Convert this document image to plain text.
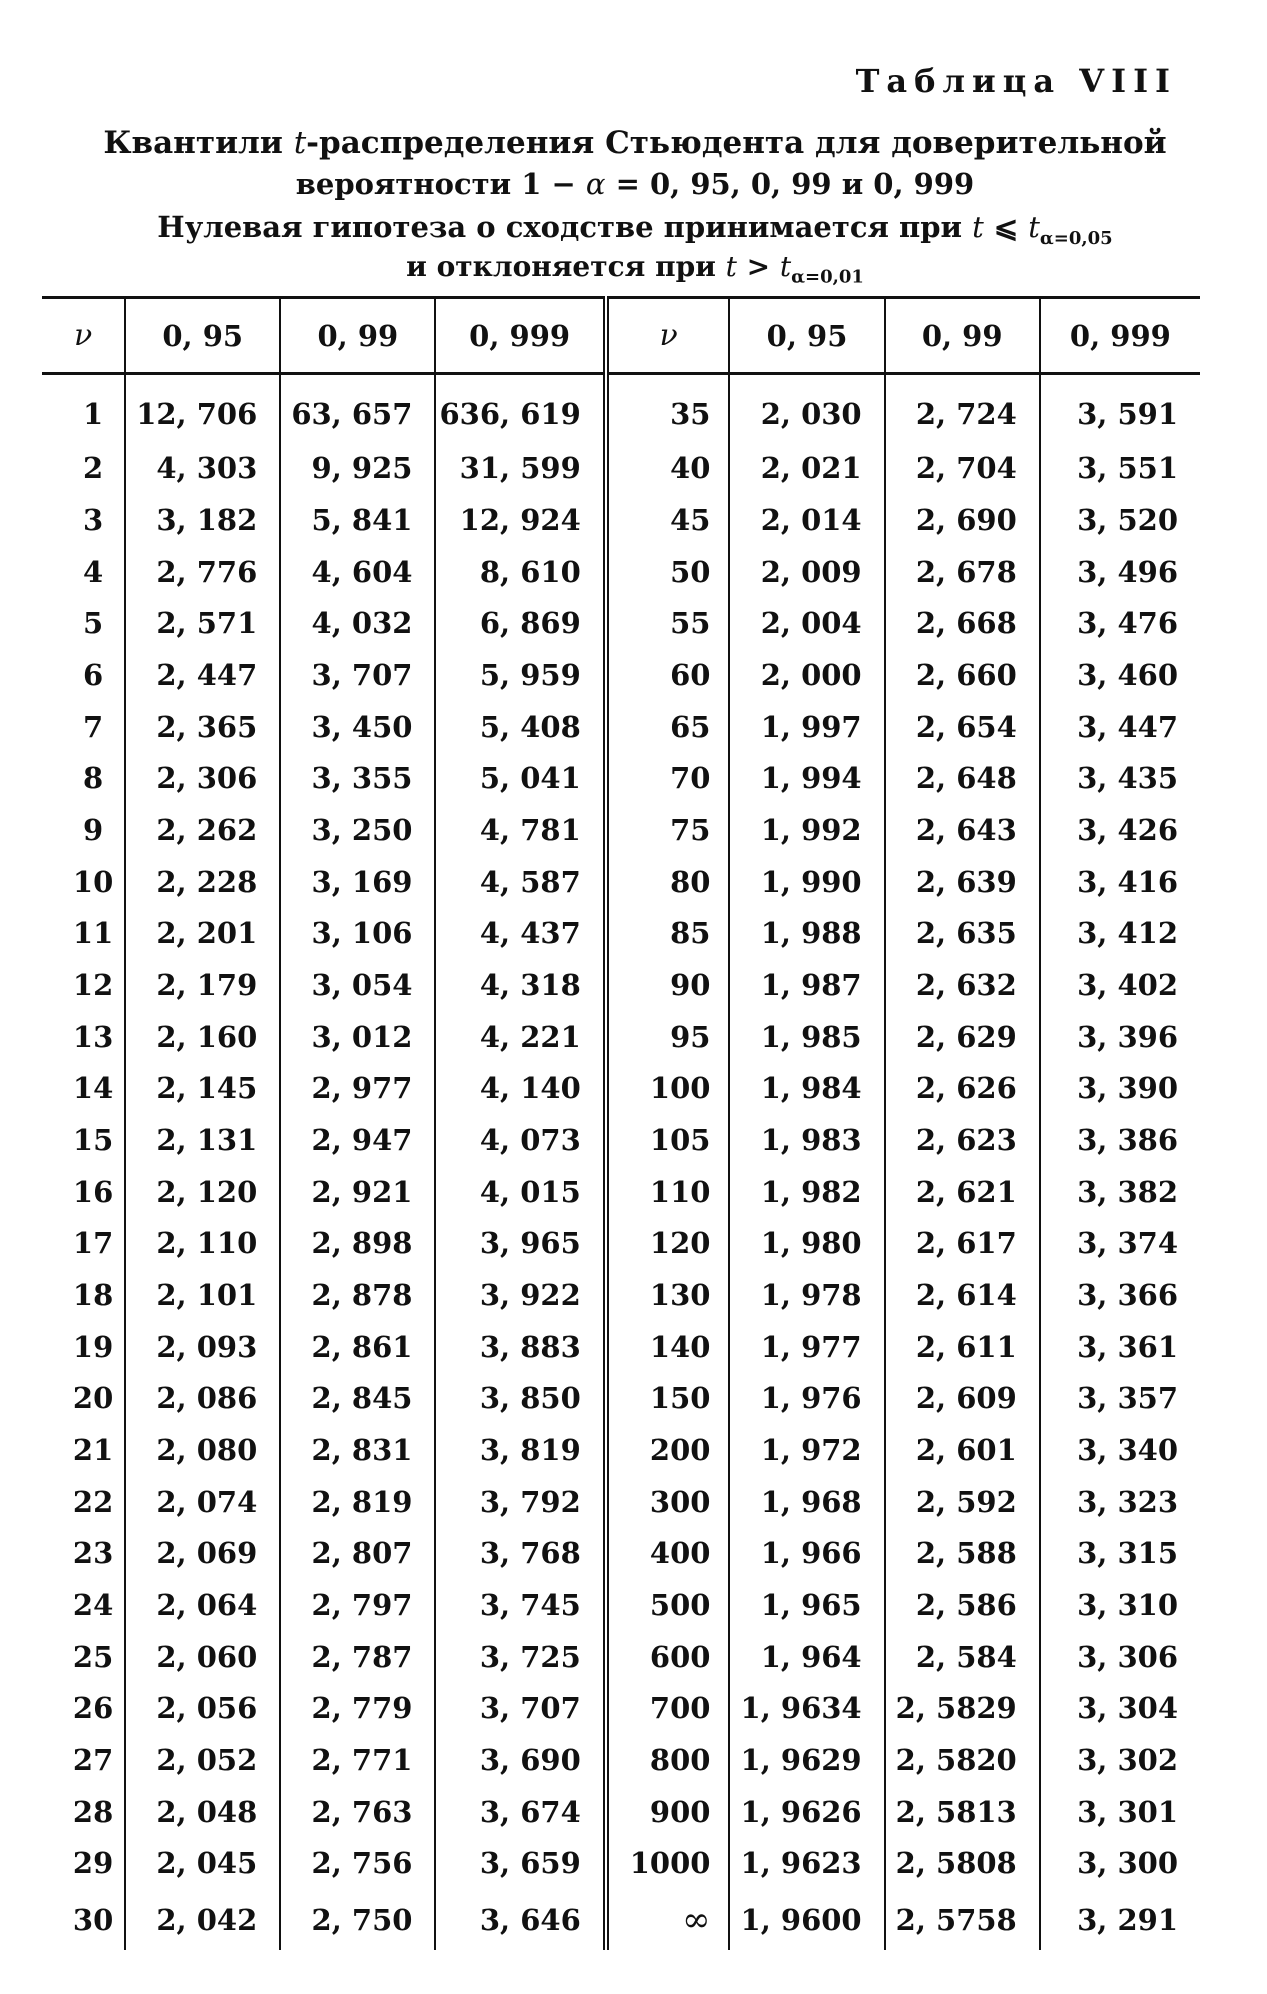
Таблица VIII
Квантили t-распределения Стьюдента для доверительной
вероятности 1 − α = 0, 95, 0, 99 и 0, 999
Нулевая гипотеза о сходстве принимается при t ⩽ $t_{\alpha=0,05}$
и отклоняется при $t > t_{\alpha=0,01}$
ν	0, 95	0, 99	0, 999	ν	0, 95	0, 99	0, 999
1	12, 706	63, 657	636, 619	35	2, 030	2, 724	3, 591
2	4, 303	9, 925	31, 599	40	2, 021	2, 704	3, 551
3	3, 182	5, 841	12, 924	45	2, 014	2, 690	3, 520
4	2, 776	4, 604	8, 610	50	2, 009	2, 678	3, 496
5	2, 571	4, 032	6, 869	55	2, 004	2, 668	3, 476
6	2, 447	3, 707	5, 959	60	2, 000	2, 660	3, 460
7	2, 365	3, 450	5, 408	65	1, 997	2, 654	3, 447
8	2, 306	3, 355	5, 041	70	1, 994	2, 648	3, 435
9	2, 262	3, 250	4, 781	75	1, 992	2, 643	3, 426
10	2, 228	3, 169	4, 587	80	1, 990	2, 639	3, 416
11	2, 201	3, 106	4, 437	85	1, 988	2, 635	3, 412
12	2, 179	3, 054	4, 318	90	1, 987	2, 632	3, 402
13	2, 160	3, 012	4, 221	95	1, 985	2, 629	3, 396
14	2, 145	2, 977	4, 140	100	1, 984	2, 626	3, 390
15	2, 131	2, 947	4, 073	105	1, 983	2, 623	3, 386
16	2, 120	2, 921	4, 015	110	1, 982	2, 621	3, 382
17	2, 110	2, 898	3, 965	120	1, 980	2, 617	3, 374
18	2, 101	2, 878	3, 922	130	1, 978	2, 614	3, 366
19	2, 093	2, 861	3, 883	140	1, 977	2, 611	3, 361
20	2, 086	2, 845	3, 850	150	1, 976	2, 609	3, 357
21	2, 080	2, 831	3, 819	200	1, 972	2, 601	3, 340
22	2, 074	2, 819	3, 792	300	1, 968	2, 592	3, 323
23	2, 069	2, 807	3, 768	400	1, 966	2, 588	3, 315
24	2, 064	2, 797	3, 745	500	1, 965	2, 586	3, 310
25	2, 060	2, 787	3, 725	600	1, 964	2, 584	3, 306
26	2, 056	2, 779	3, 707	700	1, 9634	2, 5829	3, 304
27	2, 052	2, 771	3, 690	800	1, 9629	2, 5820	3, 302
28	2, 048	2, 763	3, 674	900	1, 9626	2, 5813	3, 301
29	2, 045	2, 756	3, 659	1000	1, 9623	2, 5808	3, 300
30	2, 042	2, 750	3, 646	∞	1, 9600	2, 5758	3, 291
